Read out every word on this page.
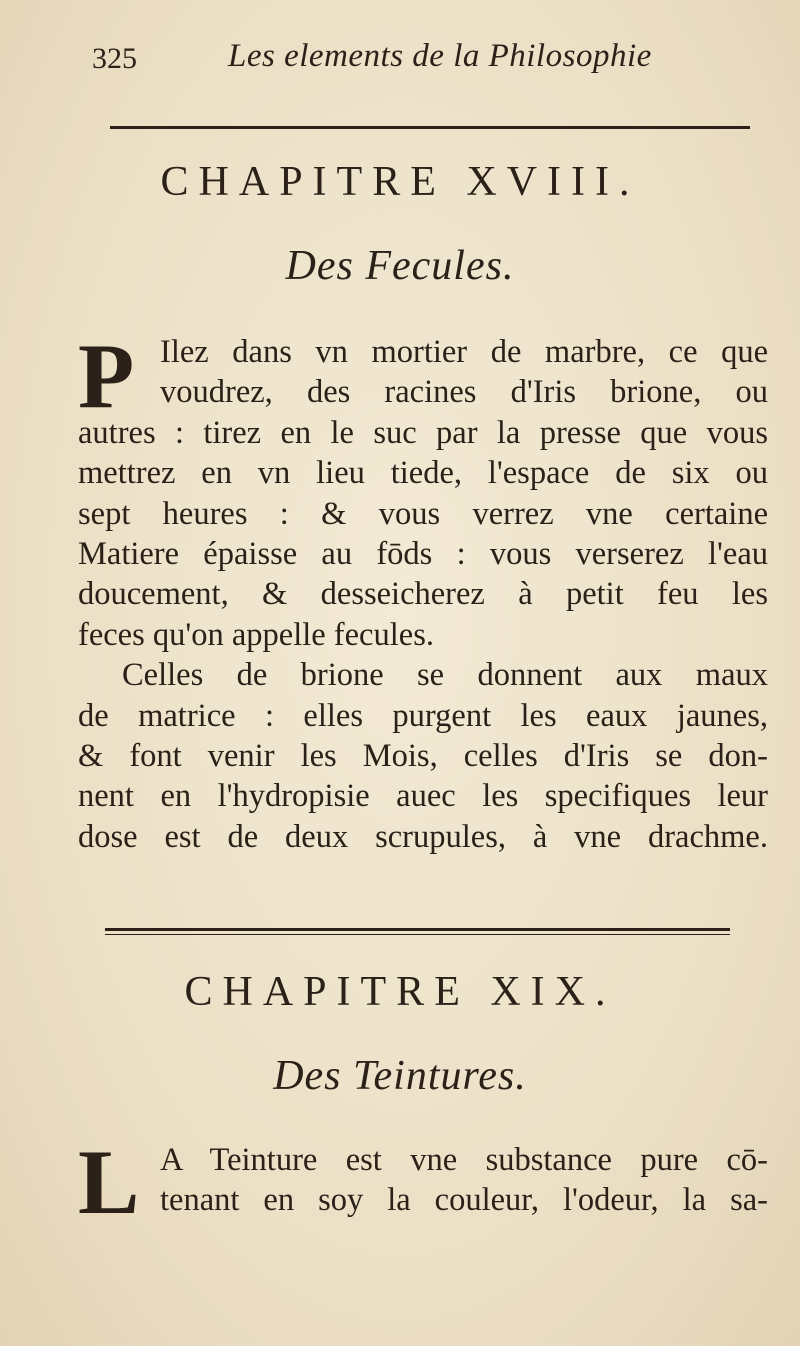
325	Les elements de la Philosophie
CHAPITRE XVIII.
Des Fecules.
P Ilez dans vn mortier de marbre, ce que
voudrez, des racines d'Iris brione, ou
autres : tirez en le suc par la presse que vous
mettrez en vn lieu tiede, l'espace de six ou
sept heures : & vous verrez vne certaine
Matiere épaisse au fōds : vous verserez l'eau
doucement, & desseicherez à petit feu les
feces qu'on appelle fecules.
Celles de brione se donnent aux maux
de matrice : elles purgent les eaux jaunes,
& font venir les Mois, celles d'Iris se don-
nent en l'hydropisie auec les specifiques leur
dose est de deux scrupules, à vne drachme.
CHAPITRE XIX.
Des Teintures.
L A Teinture est vne substance pure cō-
tenant en soy la couleur, l'odeur, la sa-
